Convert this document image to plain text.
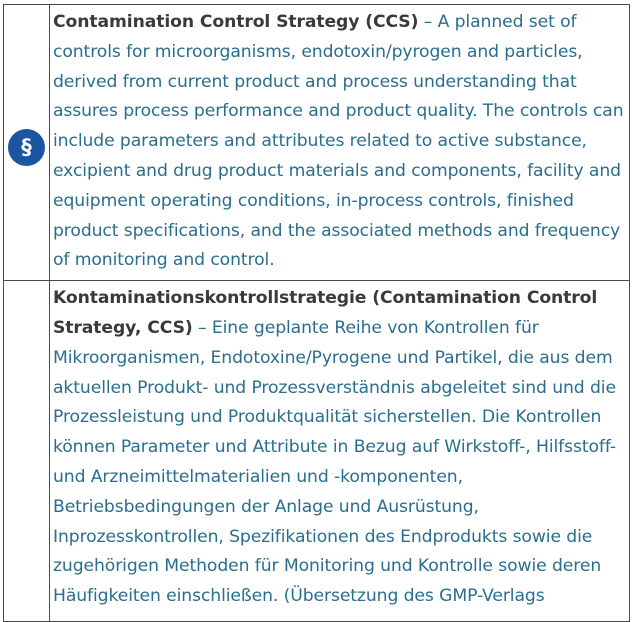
§	Contamination Control Strategy (CCS) – A planned set of controls for microorganisms, endotoxin/pyrogen and particles, derived from current product and process understanding that assures process performance and product quality. The controls can include parameters and attributes related to active substance, excipient and drug product materials and components, facility and equipment operating conditions, in-process controls, finished product specifications, and the associated methods and frequency of monitoring and control.
	Kontaminationskontrollstrategie (Contamination Control Strategy, CCS) – Eine geplante Reihe von Kontrollen für Mikroorganismen, Endotoxine/Pyrogene und Partikel, die aus dem aktuellen Produkt- und Prozessverständnis abgeleitet sind und die Prozessleistung und Produktqualität sicherstellen. Die Kontrollen können Parameter und Attribute in Bezug auf Wirkstoff-, Hilfsstoff- und Arzneimittelmaterialien und -komponenten, Betriebsbedingungen der Anlage und Ausrüstung, Inprozesskontrollen, Spezifikationen des Endprodukts sowie die zugehörigen Methoden für Monitoring und Kontrolle sowie deren Häufigkeiten einschließen. (Übersetzung des GMP-Verlags
